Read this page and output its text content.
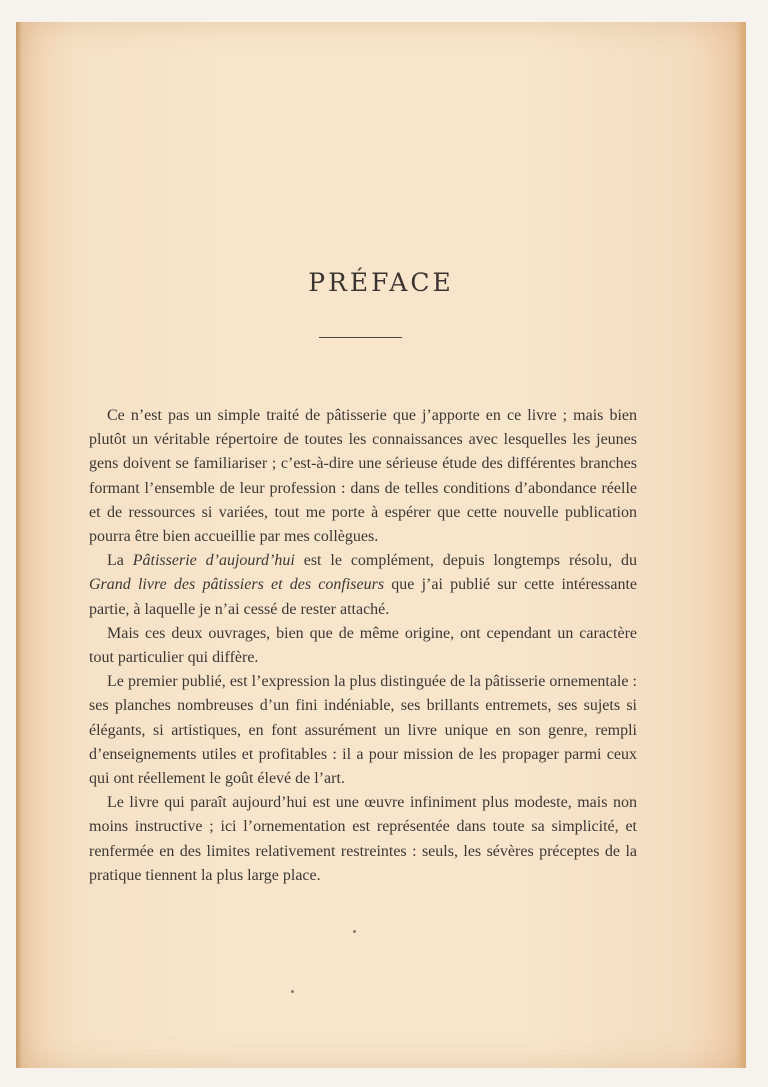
PRÉFACE

Ce n’est pas un simple traité de pâtisserie que j’apporte en ce livre ; mais bien plutôt un véritable répertoire de toutes les connaissances avec lesquelles les jeunes gens doivent se familiariser ; c’est-à-dire une sérieuse étude des différentes branches formant l’ensemble de leur profession : dans de telles conditions d’abondance réelle et de ressources si variées, tout me porte à espérer que cette nouvelle publication pourra être bien accueillie par mes collègues.

La Pâtisserie d’aujourd’hui est le complément, depuis longtemps résolu, du Grand livre des pâtissiers et des confiseurs que j’ai publié sur cette intéressante partie, à laquelle je n’ai cessé de rester attaché.

Mais ces deux ouvrages, bien que de même origine, ont cependant un caractère tout particulier qui diffère.

Le premier publié, est l’expression la plus distinguée de la pâtisserie ornementale : ses planches nombreuses d’un fini indéniable, ses brillants entremets, ses sujets si élégants, si artistiques, en font assurément un livre unique en son genre, rempli d’enseignements utiles et profitables : il a pour mission de les propager parmi ceux qui ont réellement le goût élevé de l’art.

Le livre qui paraît aujourd’hui est une œuvre infiniment plus modeste, mais non moins instructive ; ici l’ornementation est représentée dans toute sa simplicité, et renfermée en des limites relativement restreintes : seuls, les sévères préceptes de la pratique tiennent la plus large place.
